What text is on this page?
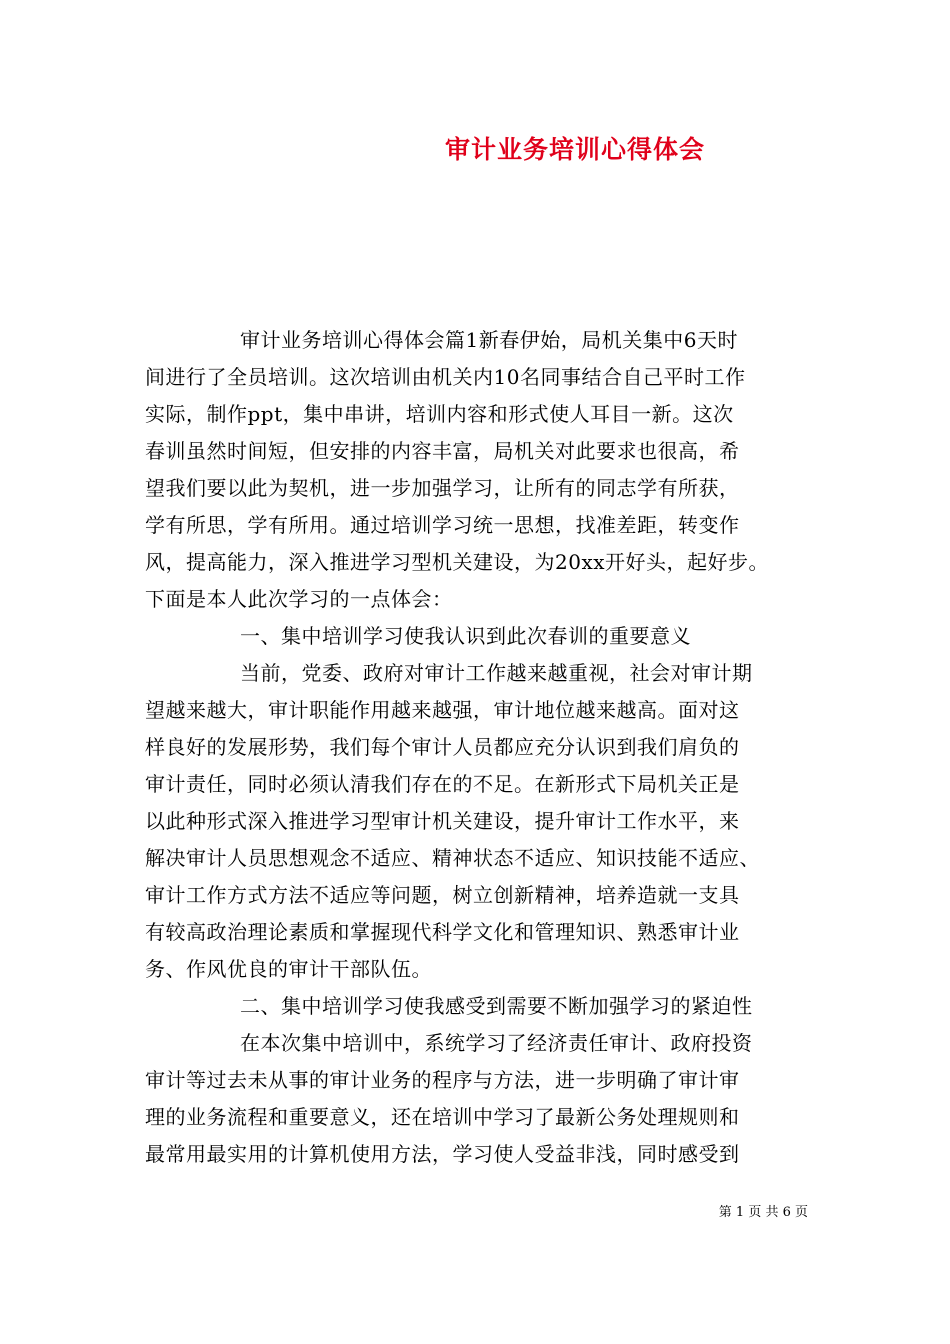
审计业务培训心得体会
审计业务培训心得体会篇1新春伊始，局机关集中6天时
间进行了全员培训。这次培训由机关内10名同事结合自己平时工作
实际，制作ppt，集中串讲，培训内容和形式使人耳目一新。这次
春训虽然时间短，但安排的内容丰富，局机关对此要求也很高，希
望我们要以此为契机，进一步加强学习，让所有的同志学有所获，
学有所思，学有所用。通过培训学习统一思想，找准差距，转变作
风，提高能力，深入推进学习型机关建设，为20xx开好头，起好步。
下面是本人此次学习的一点体会：
一、集中培训学习使我认识到此次春训的重要意义
当前，党委、政府对审计工作越来越重视，社会对审计期
望越来越大，审计职能作用越来越强，审计地位越来越高。面对这
样良好的发展形势，我们每个审计人员都应充分认识到我们肩负的
审计责任，同时必须认清我们存在的不足。在新形式下局机关正是
以此种形式深入推进学习型审计机关建设，提升审计工作水平，来
解决审计人员思想观念不适应、精神状态不适应、知识技能不适应、
审计工作方式方法不适应等问题，树立创新精神，培养造就一支具
有较高政治理论素质和掌握现代科学文化和管理知识、熟悉审计业
务、作风优良的审计干部队伍。
二、集中培训学习使我感受到需要不断加强学习的紧迫性
在本次集中培训中，系统学习了经济责任审计、政府投资
审计等过去未从事的审计业务的程序与方法，进一步明确了审计审
理的业务流程和重要意义，还在培训中学习了最新公务处理规则和
最常用最实用的计算机使用方法，学习使人受益非浅，同时感受到
第 1 页 共 6 页
